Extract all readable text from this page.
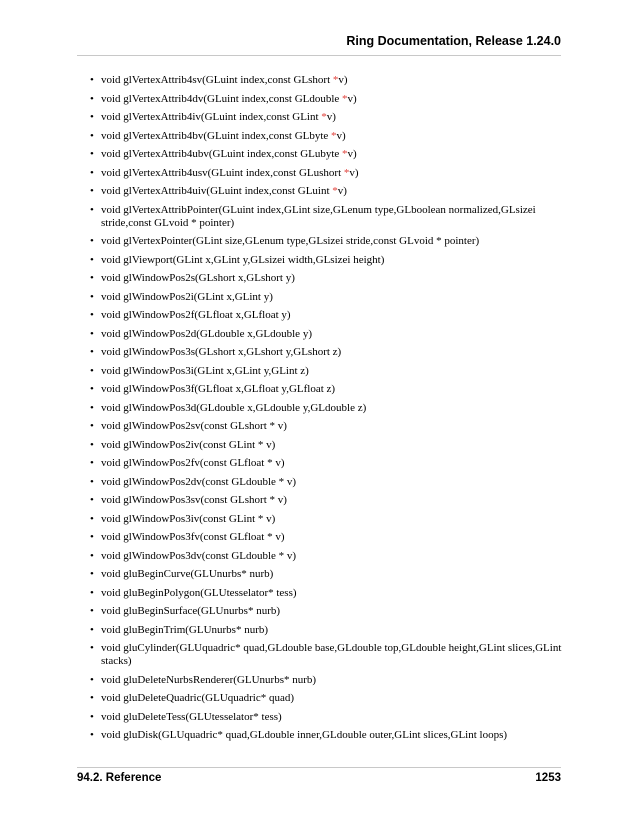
Ring Documentation, Release 1.24.0
• void glVertexAttrib4sv(GLuint index,const GLshort *v)
• void glVertexAttrib4dv(GLuint index,const GLdouble *v)
• void glVertexAttrib4iv(GLuint index,const GLint *v)
• void glVertexAttrib4bv(GLuint index,const GLbyte *v)
• void glVertexAttrib4ubv(GLuint index,const GLubyte *v)
• void glVertexAttrib4usv(GLuint index,const GLushort *v)
• void glVertexAttrib4uiv(GLuint index,const GLuint *v)
• void glVertexAttribPointer(GLuint index,GLint size,GLenum type,GLboolean normalized,GLsizei stride,const GLvoid * pointer)
• void glVertexPointer(GLint size,GLenum type,GLsizei stride,const GLvoid * pointer)
• void glViewport(GLint x,GLint y,GLsizei width,GLsizei height)
• void glWindowPos2s(GLshort x,GLshort y)
• void glWindowPos2i(GLint x,GLint y)
• void glWindowPos2f(GLfloat x,GLfloat y)
• void glWindowPos2d(GLdouble x,GLdouble y)
• void glWindowPos3s(GLshort x,GLshort y,GLshort z)
• void glWindowPos3i(GLint x,GLint y,GLint z)
• void glWindowPos3f(GLfloat x,GLfloat y,GLfloat z)
• void glWindowPos3d(GLdouble x,GLdouble y,GLdouble z)
• void glWindowPos2sv(const GLshort * v)
• void glWindowPos2iv(const GLint * v)
• void glWindowPos2fv(const GLfloat * v)
• void glWindowPos2dv(const GLdouble * v)
• void glWindowPos3sv(const GLshort * v)
• void glWindowPos3iv(const GLint * v)
• void glWindowPos3fv(const GLfloat * v)
• void glWindowPos3dv(const GLdouble * v)
• void gluBeginCurve(GLUnurbs* nurb)
• void gluBeginPolygon(GLUtesselator* tess)
• void gluBeginSurface(GLUnurbs* nurb)
• void gluBeginTrim(GLUnurbs* nurb)
• void gluCylinder(GLUquadric* quad,GLdouble base,GLdouble top,GLdouble height,GLint slices,GLint stacks)
• void gluDeleteNurbsRenderer(GLUnurbs* nurb)
• void gluDeleteQuadric(GLUquadric* quad)
• void gluDeleteTess(GLUtesselator* tess)
• void gluDisk(GLUquadric* quad,GLdouble inner,GLdouble outer,GLint slices,GLint loops)
94.2. Reference	1253
